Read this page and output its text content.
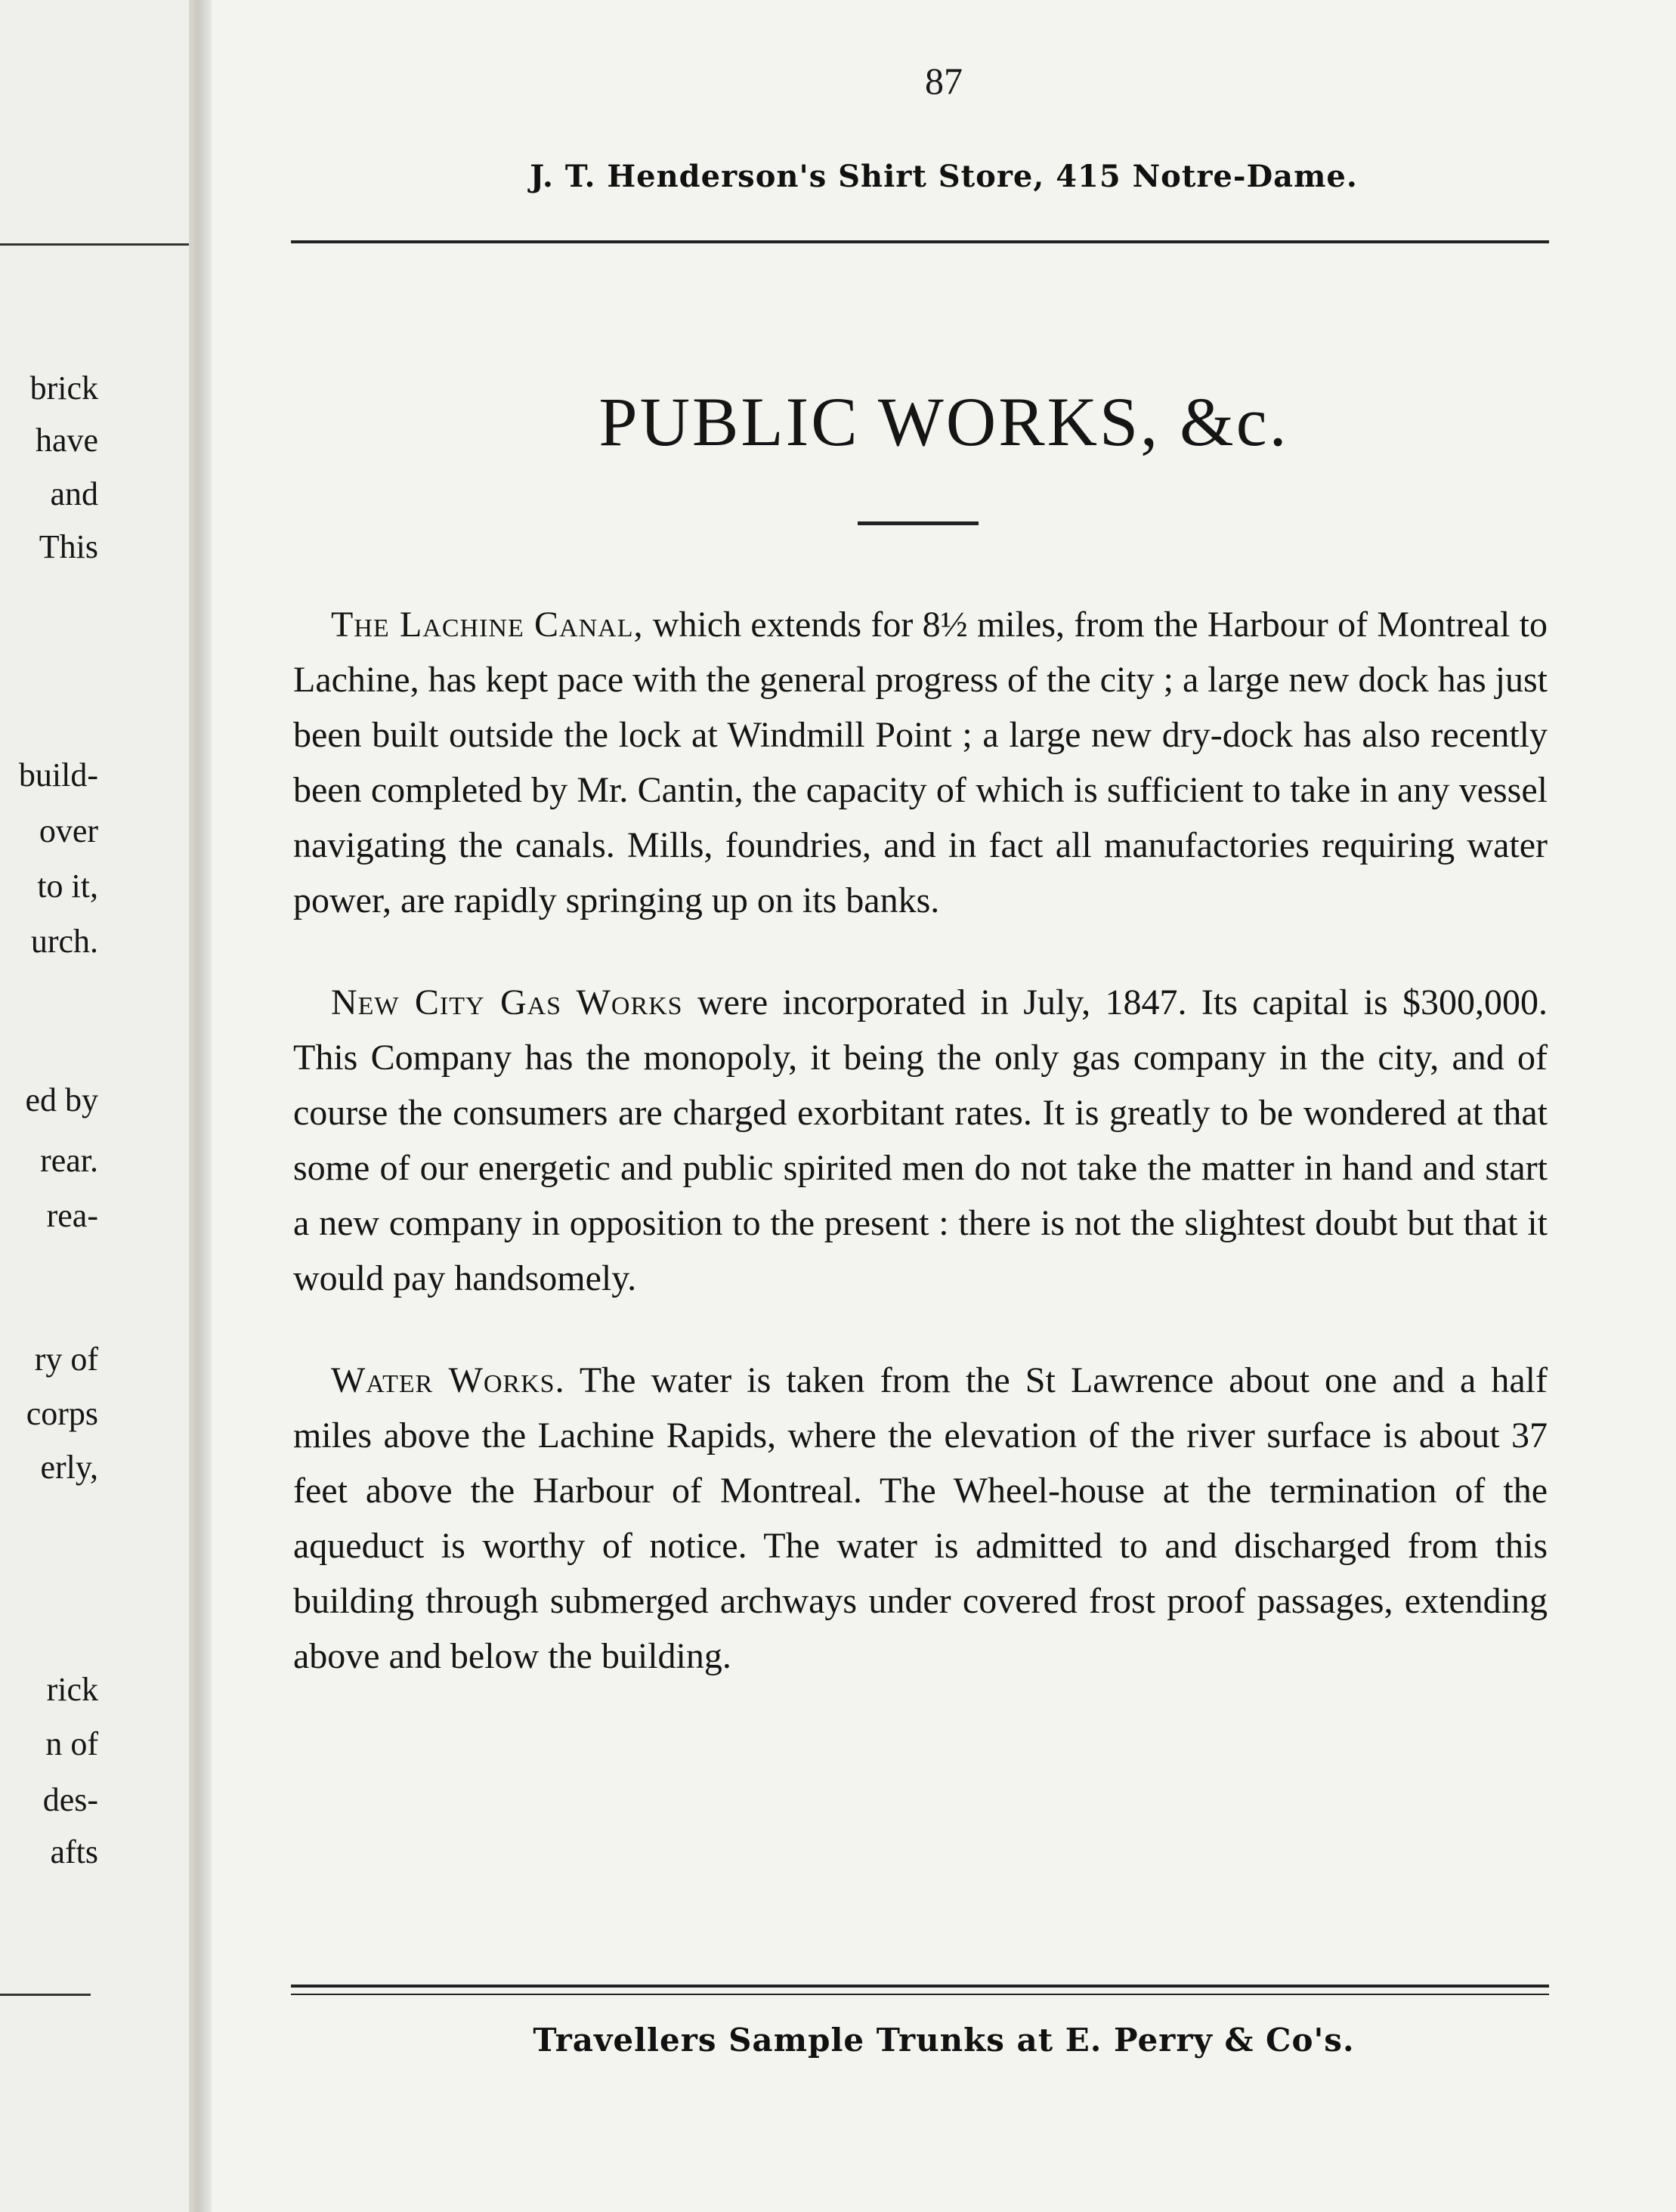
brick
have
and
This
build-
over
to it,
urch.
ed by
rear.
rea-
ry of
corps
erly,
rick
n of
des-
afts
87
J. T. Henderson's Shirt Store, 415 Notre-Dame.
PUBLIC WORKS, &c.

The Lachine Canal, which extends for 8½ miles, from the Harbour of Montreal to Lachine, has kept pace with the general progress of the city ; a large new dock has just been built outside the lock at Windmill Point ; a large new dry-dock has also recently been completed by Mr. Cantin, the capacity of which is sufficient to take in any vessel navigating the canals. Mills, foundries, and in fact all manufactories requiring water power, are rapidly springing up on its banks.

New City Gas Works were incorporated in July, 1847. Its capital is $300,000. This Company has the monopoly, it being the only gas company in the city, and of course the consumers are charged exorbitant rates. It is greatly to be wondered at that some of our energetic and public spirited men do not take the matter in hand and start a new company in opposition to the present : there is not the slightest doubt but that it would pay handsomely.

Water Works. The water is taken from the St Lawrence about one and a half miles above the Lachine Rapids, where the elevation of the river surface is about 37 feet above the Harbour of Montreal. The Wheel-house at the termination of the aqueduct is worthy of notice. The water is admitted to and discharged from this building through submerged archways under covered frost proof passages, extending above and below the building.

Travellers Sample Trunks at E. Perry & Co's.
